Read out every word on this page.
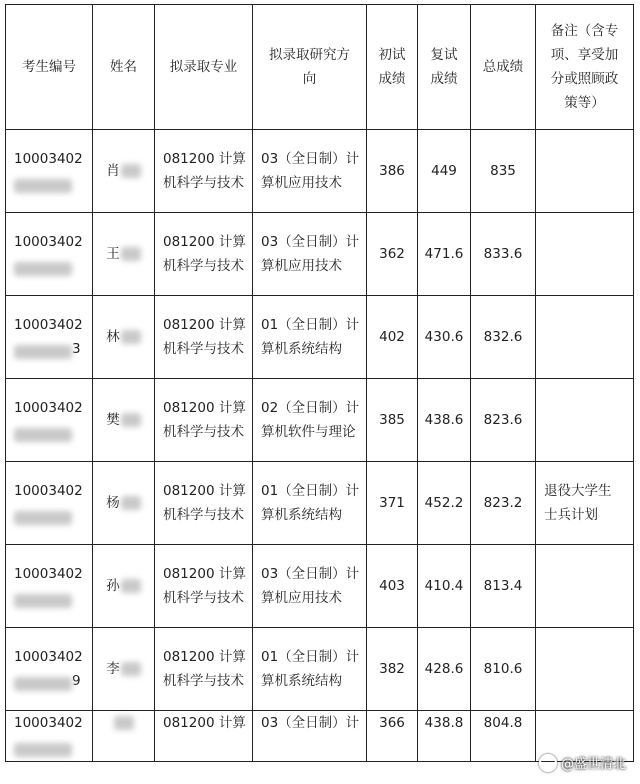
考生编号	姓名	拟录取专业	拟录取研究方
向	初试
成绩	复试
成绩	总成绩	备注（含专
项、享受加
分或照顾政
策等）

10003402	肖	081200 计算
机科学与技术	03（全日制）计
算机应用技术	386	449	835	

10003402	王	081200 计算
机科学与技术	03（全日制）计
算机应用技术	362	471.6	833.6	

10003402
3	林	081200 计算
机科学与技术	01（全日制）计
算机系统结构	402	430.6	832.6	

10003402	樊	081200 计算
机科学与技术	02（全日制）计
算机软件与理论	385	438.6	823.6	

10003402	杨	081200 计算
机科学与技术	01（全日制）计
算机系统结构	371	452.2	823.2	退役大学生
士兵计划

10003402	孙	081200 计算
机科学与技术	03（全日制）计
算机应用技术	403	410.4	813.4	

10003402
9	李	081200 计算
机科学与技术	01（全日制）计
算机系统结构	382	428.6	810.6	

10003402		081200 计算	03（全日制）计	366	438.8	804.8	
@盛世清北
